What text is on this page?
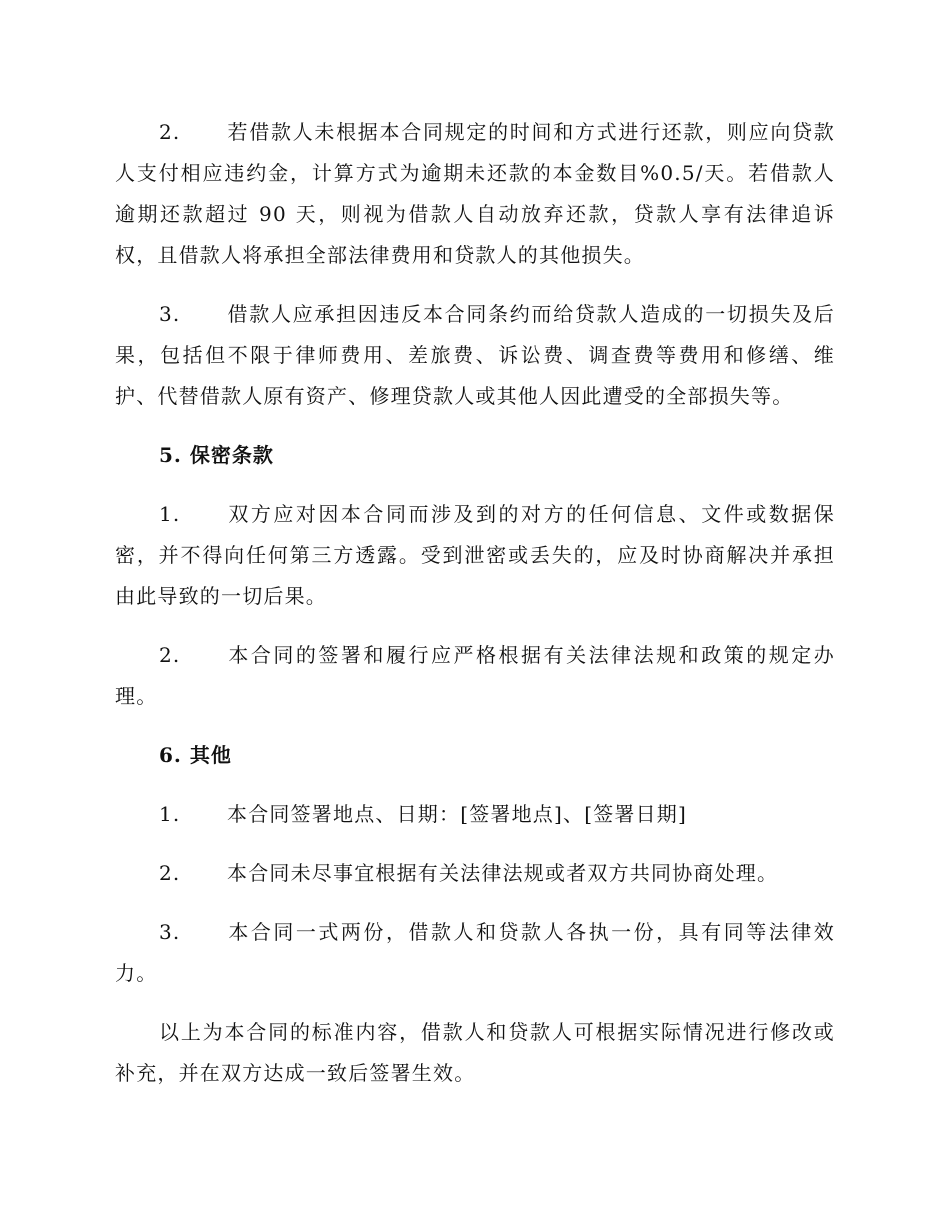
2. 若借款人未根据本合同规定的时间和方式进行还款，则应向贷款人支付相应违约金，计算方式为逾期未还款的本金数目%0.5/天。若借款人逾期还款超过 90 天，则视为借款人自动放弃还款，贷款人享有法律追诉权，且借款人将承担全部法律费用和贷款人的其他损失。

3. 借款人应承担因违反本合同条约而给贷款人造成的一切损失及后果，包括但不限于律师费用、差旅费、诉讼费、调查费等费用和修缮、维护、代替借款人原有资产、修理贷款人或其他人因此遭受的全部损失等。

5. 保密条款

1. 双方应对因本合同而涉及到的对方的任何信息、文件或数据保密，并不得向任何第三方透露。受到泄密或丢失的，应及时协商解决并承担由此导致的一切后果。

2. 本合同的签署和履行应严格根据有关法律法规和政策的规定办理。

6. 其他

1. 本合同签署地点、日期：[签署地点]、[签署日期]

2. 本合同未尽事宜根据有关法律法规或者双方共同协商处理。

3. 本合同一式两份，借款人和贷款人各执一份，具有同等法律效力。

以上为本合同的标准内容，借款人和贷款人可根据实际情况进行修改或补充，并在双方达成一致后签署生效。
